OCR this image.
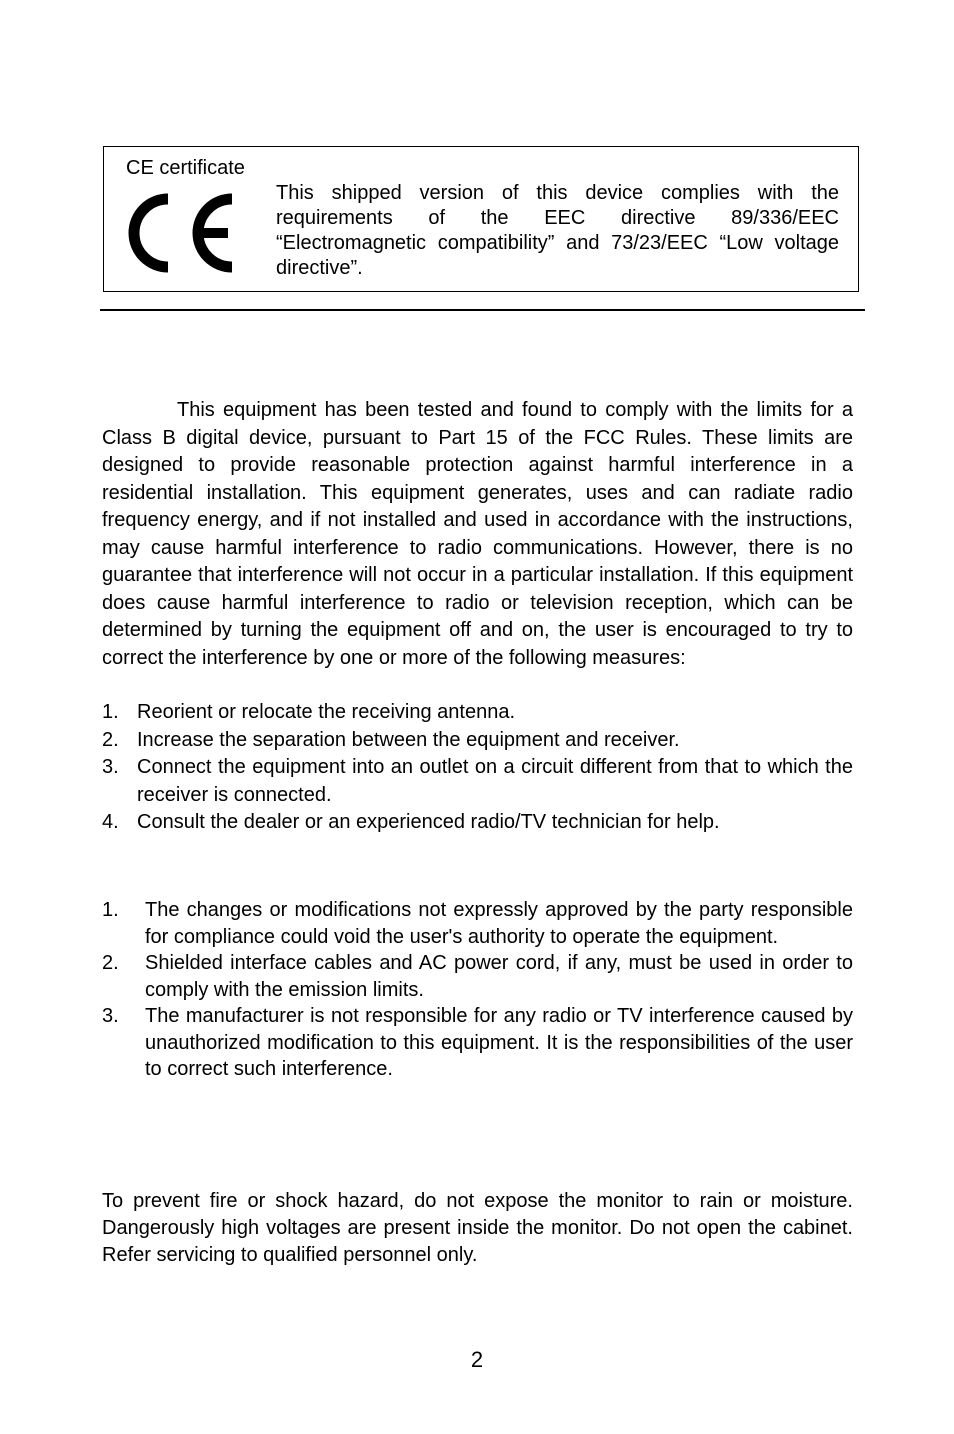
CE certificate
This shipped version of this device complies with the requirements of the EEC directive 89/336/EEC “Electromagnetic compatibility” and 73/23/EEC “Low voltage directive”.

This equipment has been tested and found to comply with the limits for a Class B digital device, pursuant to Part 15 of the FCC Rules. These limits are designed to provide reasonable protection against harmful interference in a residential installation. This equipment generates, uses and can radiate radio frequency energy, and if not installed and used in accordance with the instructions, may cause harmful interference to radio communications. However, there is no guarantee that interference will not occur in a particular installation. If this equipment does cause harmful interference to radio or television reception, which can be determined by turning the equipment off and on, the user is encouraged to try to correct the interference by one or more of the following measures:

1. Reorient or relocate the receiving antenna.
2. Increase the separation between the equipment and receiver.
3. Connect the equipment into an outlet on a circuit different from that to which the receiver is connected.
4. Consult the dealer or an experienced radio/TV technician for help.
1. The changes or modifications not expressly approved by the party responsible for compliance could void the user's authority to operate the equipment.
2. Shielded interface cables and AC power cord, if any, must be used in order to comply with the emission limits.
3. The manufacturer is not responsible for any radio or TV interference caused by unauthorized modification to this equipment. It is the responsibilities of the user to correct such interference.

To prevent fire or shock hazard, do not expose the monitor to rain or moisture. Dangerously high voltages are present inside the monitor. Do not open the cabinet. Refer servicing to qualified personnel only.

2
